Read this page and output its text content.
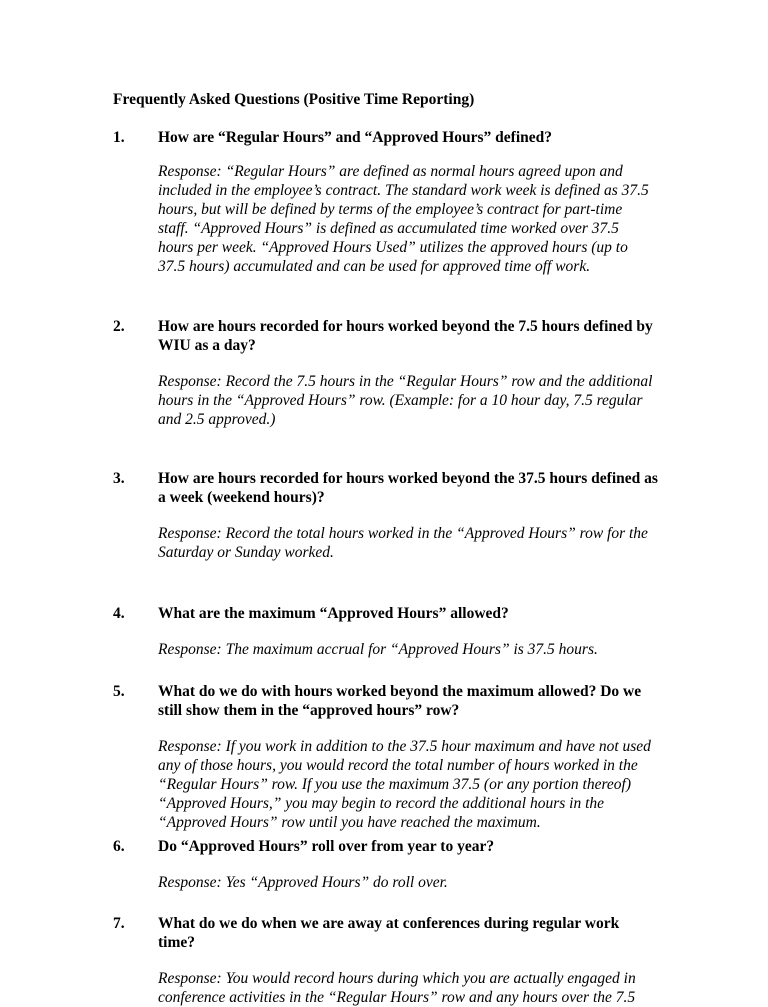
Frequently Asked Questions (Positive Time Reporting)
1. How are “Regular Hours” and “Approved Hours” defined?
Response: “Regular Hours” are defined as normal hours agreed upon and included in the employee’s contract. The standard work week is defined as 37.5 hours, but will be defined by terms of the employee’s contract for part-time staff. “Approved Hours” is defined as accumulated time worked over 37.5 hours per week. “Approved Hours Used” utilizes the approved hours (up to 37.5 hours) accumulated and can be used for approved time off work.
2. How are hours recorded for hours worked beyond the 7.5 hours defined by WIU as a day?
Response: Record the 7.5 hours in the “Regular Hours” row and the additional hours in the “Approved Hours” row. (Example: for a 10 hour day, 7.5 regular and 2.5 approved.)
3. How are hours recorded for hours worked beyond the 37.5 hours defined as a week (weekend hours)?
Response: Record the total hours worked in the “Approved Hours” row for the Saturday or Sunday worked.
4. What are the maximum “Approved Hours” allowed?
Response: The maximum accrual for “Approved Hours” is 37.5 hours.
5. What do we do with hours worked beyond the maximum allowed? Do we still show them in the “approved hours” row?
Response: If you work in addition to the 37.5 hour maximum and have not used any of those hours, you would record the total number of hours worked in the “Regular Hours” row. If you use the maximum 37.5 (or any portion thereof) “Approved Hours,” you may begin to record the additional hours in the “Approved Hours” row until you have reached the maximum.
6. Do “Approved Hours” roll over from year to year?
Response: Yes “Approved Hours” do roll over.
7. What do we do when we are away at conferences during regular work time?
Response: You would record hours during which you are actually engaged in conference activities in the “Regular Hours” row and any hours over the 7.5
